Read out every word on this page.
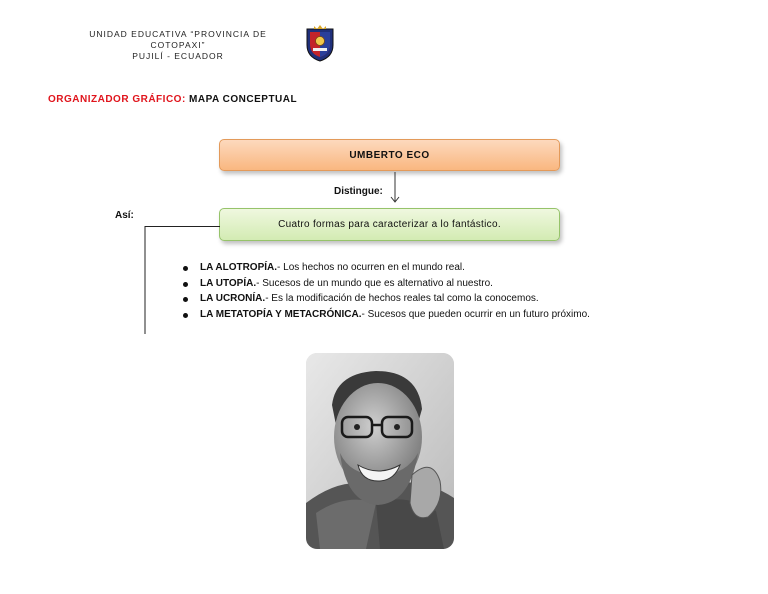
UNIDAD EDUCATIVA “PROVINCIA DE COTOPAXI”
PUJILÍ - ECUADOR
ORGANIZADOR GRÁFICO: MAPA CONCEPTUAL
UMBERTO ECO
Distingue:
Así:
Cuatro formas para caracterizar a lo fantástico.
LA ALOTROPÍA.- Los hechos no ocurren en el mundo real.
LA UTOPÍA.- Sucesos de un mundo que es alternativo al nuestro.
LA UCRONÍA.- Es la modificación de hechos reales tal como la conocemos.
LA METATOPÍA Y METACRÓNICA.- Sucesos que pueden ocurrir en un futuro próximo.
